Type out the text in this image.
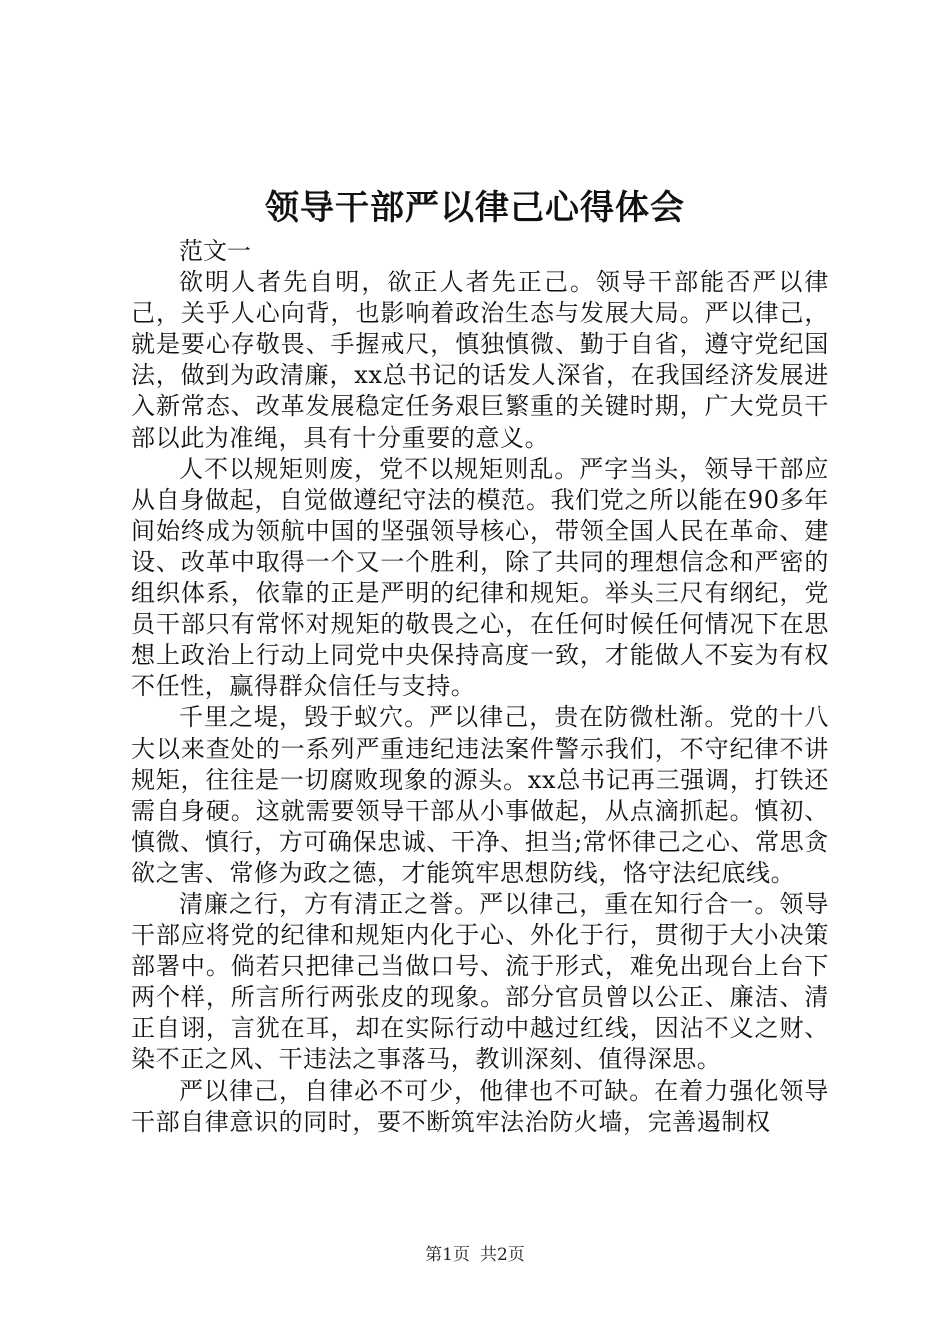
领导干部严以律己心得体会

范文一

欲明人者先自明，欲正人者先正己。领导干部能否严以律己，关乎人心向背，也影响着政治生态与发展大局。严以律己，就是要心存敬畏、手握戒尺，慎独慎微、勤于自省，遵守党纪国法，做到为政清廉，xx总书记的话发人深省，在我国经济发展进入新常态、改革发展稳定任务艰巨繁重的关键时期，广大党员干部以此为准绳，具有十分重要的意义。

人不以规矩则废，党不以规矩则乱。严字当头，领导干部应从自身做起，自觉做遵纪守法的模范。我们党之所以能在90多年间始终成为领航中国的坚强领导核心，带领全国人民在革命、建设、改革中取得一个又一个胜利，除了共同的理想信念和严密的组织体系，依靠的正是严明的纪律和规矩。举头三尺有纲纪，党员干部只有常怀对规矩的敬畏之心，在任何时候任何情况下在思想上政治上行动上同党中央保持高度一致，才能做人不妄为有权不任性，赢得群众信任与支持。

千里之堤，毁于蚁穴。严以律己，贵在防微杜渐。党的十八大以来查处的一系列严重违纪违法案件警示我们，不守纪律不讲规矩，往往是一切腐败现象的源头。xx总书记再三强调，打铁还需自身硬。这就需要领导干部从小事做起，从点滴抓起。慎初、慎微、慎行，方可确保忠诚、干净、担当;常怀律己之心、常思贪欲之害、常修为政之德，才能筑牢思想防线，恪守法纪底线。

清廉之行，方有清正之誉。严以律己，重在知行合一。领导干部应将党的纪律和规矩内化于心、外化于行，贯彻于大小决策部署中。倘若只把律己当做口号、流于形式，难免出现台上台下两个样，所言所行两张皮的现象。部分官员曾以公正、廉洁、清正自诩，言犹在耳，却在实际行动中越过红线，因沾不义之财、染不正之风、干违法之事落马，教训深刻、值得深思。

严以律己，自律必不可少，他律也不可缺。在着力强化领导干部自律意识的同时，要不断筑牢法治防火墙，完善遏制权

第1页 共2页
